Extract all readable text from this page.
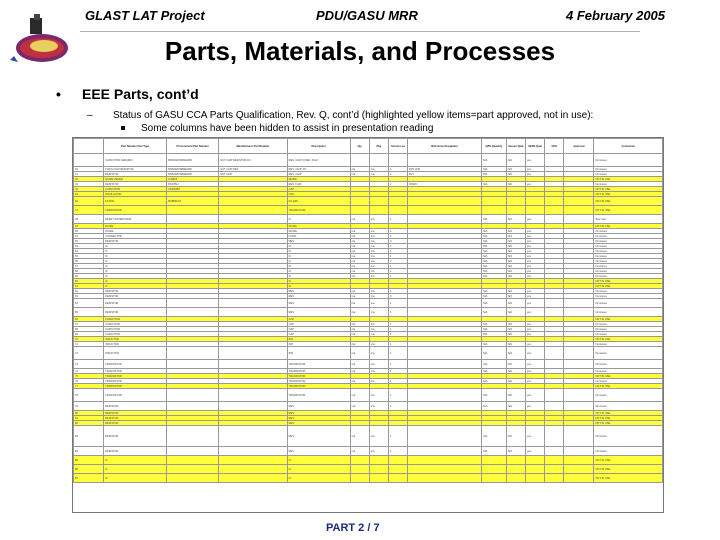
GLAST LAT Project	PDU/GASU MRR	4 February 2005
Parts, Materials, and Processes
• EEE Parts, cont’d
– Status of GASU CCA Parts Qualification, Rev. Q, cont’d (highlighted yellow items=part approved, not in use):
Some columns have been hidden to assist in presentation reading
	Part Number Part Type	Procurement Part Number	Manufacturer Part Number	Description	Qty	Pkg	Screen Lev	Reference Designator	QPS Quantity	Screen Qual	SEDS Qual	GPS	Approval	Comments
	CAPACITOR,CERAMIC	M55342K09B1E00R	GST CHIP RESISTOR 1%	RES, CHIP, FIXED, FILM					N/A	N/A	yes			No issues
40	THICK FILM RESISTOR	M55342K09B2E00R	GST CHIP RES	RES, CHIP, 1%	n/a	n/a	4	R45, R46	N/A	N/A	yes			No issues
41	RESISTOR	M55342K09B3E00R	GST CHIP	RES, CHIP	n/a	n/a	1	R27	N/A	N/A	yes			No issues
42	DIODE ZENER	1N5822		DIODE										NOT IN USE
43	RESISTOR	RNC55H		RES, FILM			2	R3026	N/A	N/A	yes			No issues
44	CAPACITOR	CDR33BX		CAP										NOT IN USE
45	OSCILLATOR			OSC										NOT IN USE
46	FILTER	M28861/01		FIL EMI										NOT IN USE
47	TRANSISTOR			TRANSISTOR										NOT IN USE
48	RESET SUPERVISOR			IC	n/a	n/a	1		N/A	N/A	yes			See note
49	DIODE			DIODE										NOT IN USE
50	DIODE			DIODE	n/a	n/a	1		N/A	N/A	yes			No issues
51	CONNECTOR			CONN	n/a	n/a	2		N/A	N/A	yes			No issues
52	RESISTOR			RES	n/a	n/a	3		N/A	N/A	yes			No issues
53	IC			IC	n/a	n/a	1		N/A	N/A	yes			No issues
54	IC			IC	n/a	n/a	1		N/A	N/A	yes			No issues
55	IC			IC	n/a	n/a	1		N/A	N/A	yes			No issues
56	IC			IC	n/a	n/a	2		N/A	N/A	yes			No issues
57	IC			IC	n/a	n/a	1		N/A	N/A	yes			No issues
58	IC			IC	n/a	n/a	1		N/A	N/A	yes			No issues
59	IC			IC	n/a	n/a	1		N/A	N/A	yes			No issues
60	IC			IC										NOT IN USE
61	IC			IC										NOT IN USE
62	RESISTOR			RES	n/a	n/a	1		N/A	N/A	yes			No issues
63	RESISTOR			RES	n/a	n/a	4		N/A	N/A	yes			No issues
64	RESISTOR			RES	n/a	n/a	1		N/A	N/A	yes			No issues
65	RESISTOR			RES	n/a	n/a	1		N/A	N/A	yes			No issues
66	CAPACITOR			CAP										NOT IN USE
67	CAPACITOR			CAP	n/a	n/a	1		N/A	N/A	yes			No issues
68	CAPACITOR			CAP	n/a	n/a	1		N/A	N/A	yes			No issues
69	CAPACITOR			CAP	n/a	n/a	1		N/A	N/A	yes			No issues
70	INDUCTOR			IND										NOT IN USE
71	INDUCTOR			IND	n/a	n/a	1		N/A	N/A	yes			No issues
72	INDUCTOR			IND	n/a	n/a	1		N/A	N/A	yes			No issues
73	TRANSISTOR			TRANSISTOR	n/a	n/a	1		N/A	N/A	yes			No issues
74	TRANSISTOR			TRANSISTOR	n/a	n/a	1		N/A	N/A	yes			No issues
75	TRANSISTOR			TRANSISTOR										NOT IN USE
76	TRANSISTOR			TRANSISTOR	n/a	n/a	1		N/A	N/A	yes			No issues
77	TRANSISTOR			TRANSISTOR										NOT IN USE
78	TRANSISTOR			TRANSISTOR	n/a	n/a	1		N/A	N/A	yes			No issues
79	RESISTOR			RES	n/a	n/a	1		N/A	N/A	yes			No issues
80	RESISTOR			RES										NOT IN USE
81	RESISTOR			RES										NOT IN USE
82	RESISTOR			RES										NOT IN USE
83	RESISTOR			RES	n/a	n/a	1		N/A	N/A	yes			No issues
84	RESISTOR			RES	n/a	n/a	1		N/A	N/A	yes			No issues
85	IC			IC										NOT IN USE
86	IC			IC										NOT IN USE
87	IC			IC										NOT IN USE
PART 2 / 7
